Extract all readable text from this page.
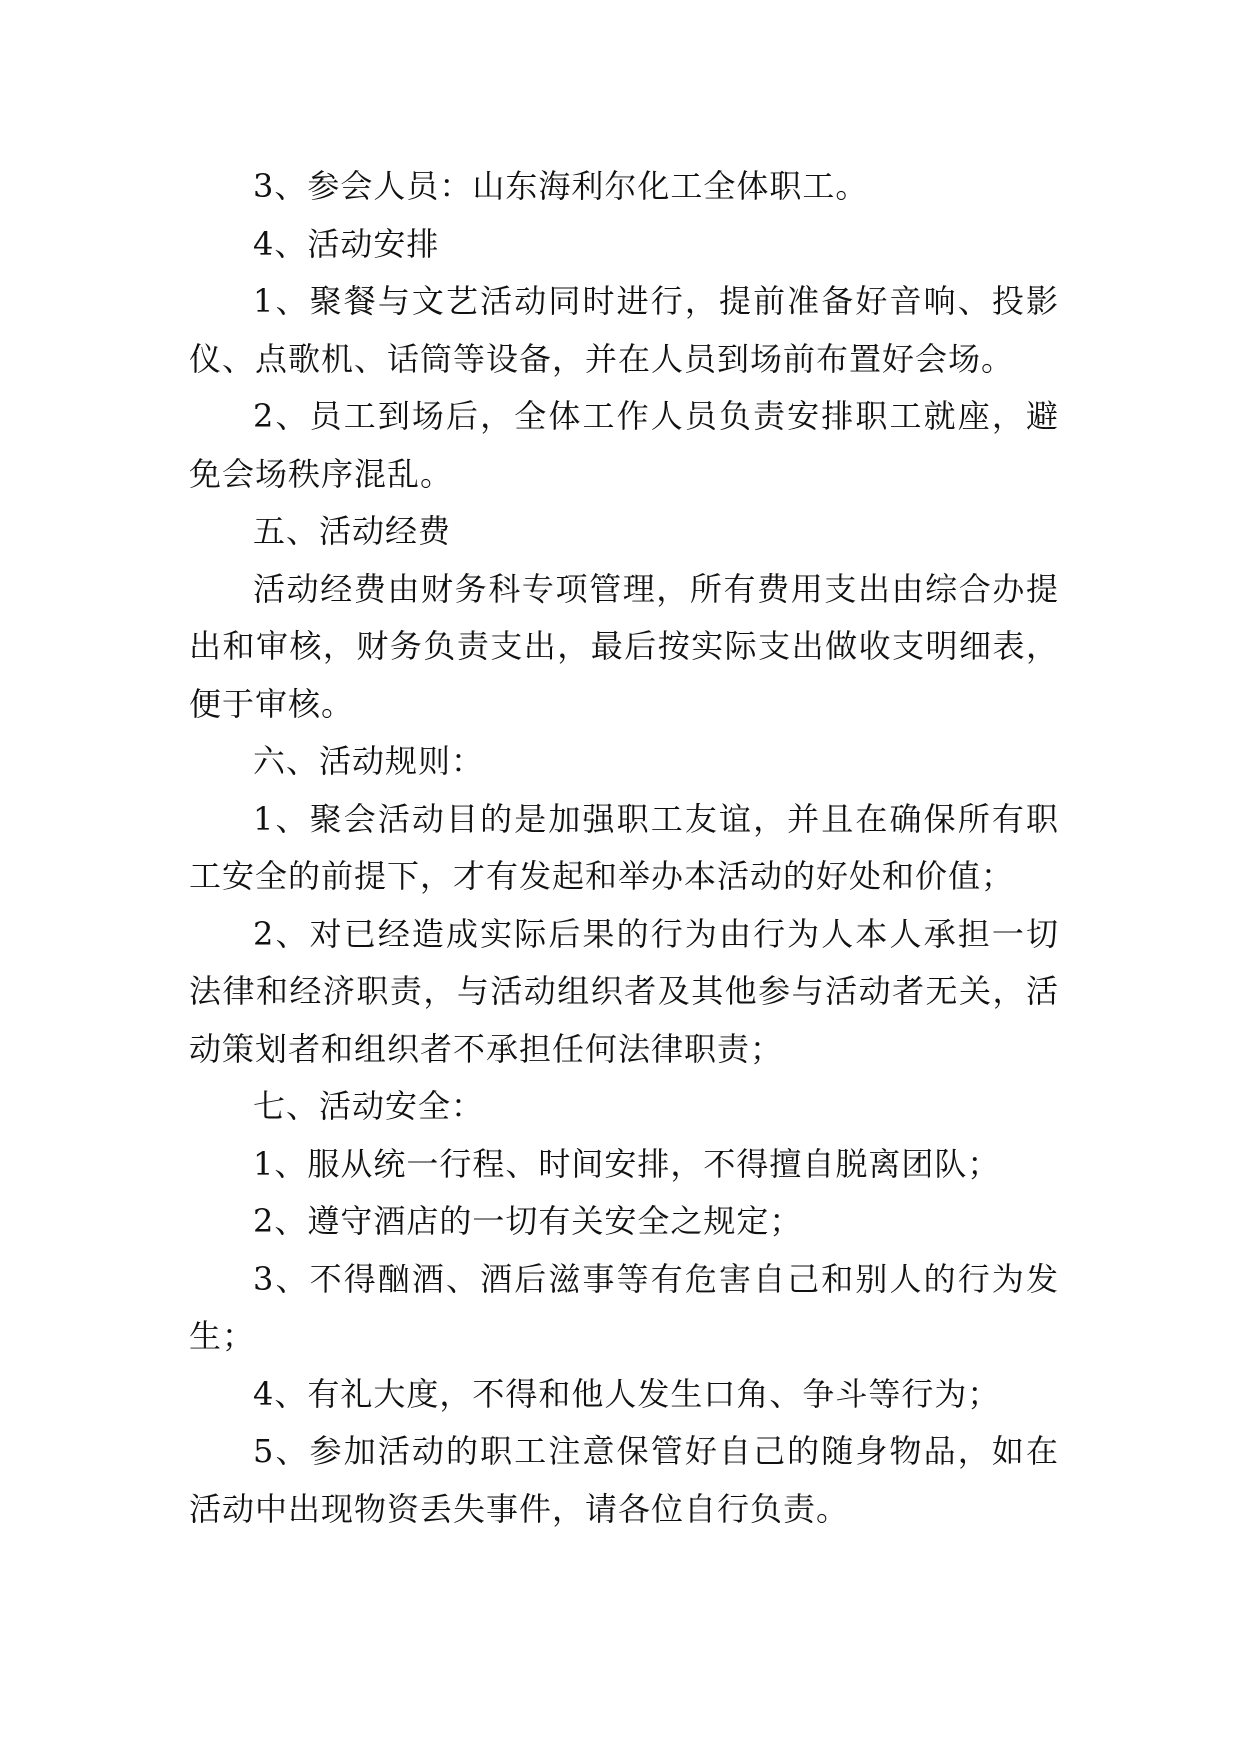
3、参会人员：山东海利尔化工全体职工。

4、活动安排

1、聚餐与文艺活动同时进行，提前准备好音响、投影仪、点歌机、话筒等设备，并在人员到场前布置好会场。

2、员工到场后，全体工作人员负责安排职工就座，避免会场秩序混乱。

五、活动经费

活动经费由财务科专项管理，所有费用支出由综合办提出和审核，财务负责支出，最后按实际支出做收支明细表，便于审核。

六、活动规则：

1、聚会活动目的是加强职工友谊，并且在确保所有职工安全的前提下，才有发起和举办本活动的好处和价值；

2、对已经造成实际后果的行为由行为人本人承担一切法律和经济职责，与活动组织者及其他参与活动者无关，活动策划者和组织者不承担任何法律职责；

七、活动安全：

1、服从统一行程、时间安排，不得擅自脱离团队；

2、遵守酒店的一切有关安全之规定；

3、不得酗酒、酒后滋事等有危害自己和别人的行为发生；

4、有礼大度，不得和他人发生口角、争斗等行为；

5、参加活动的职工注意保管好自己的随身物品，如在活动中出现物资丢失事件，请各位自行负责。
